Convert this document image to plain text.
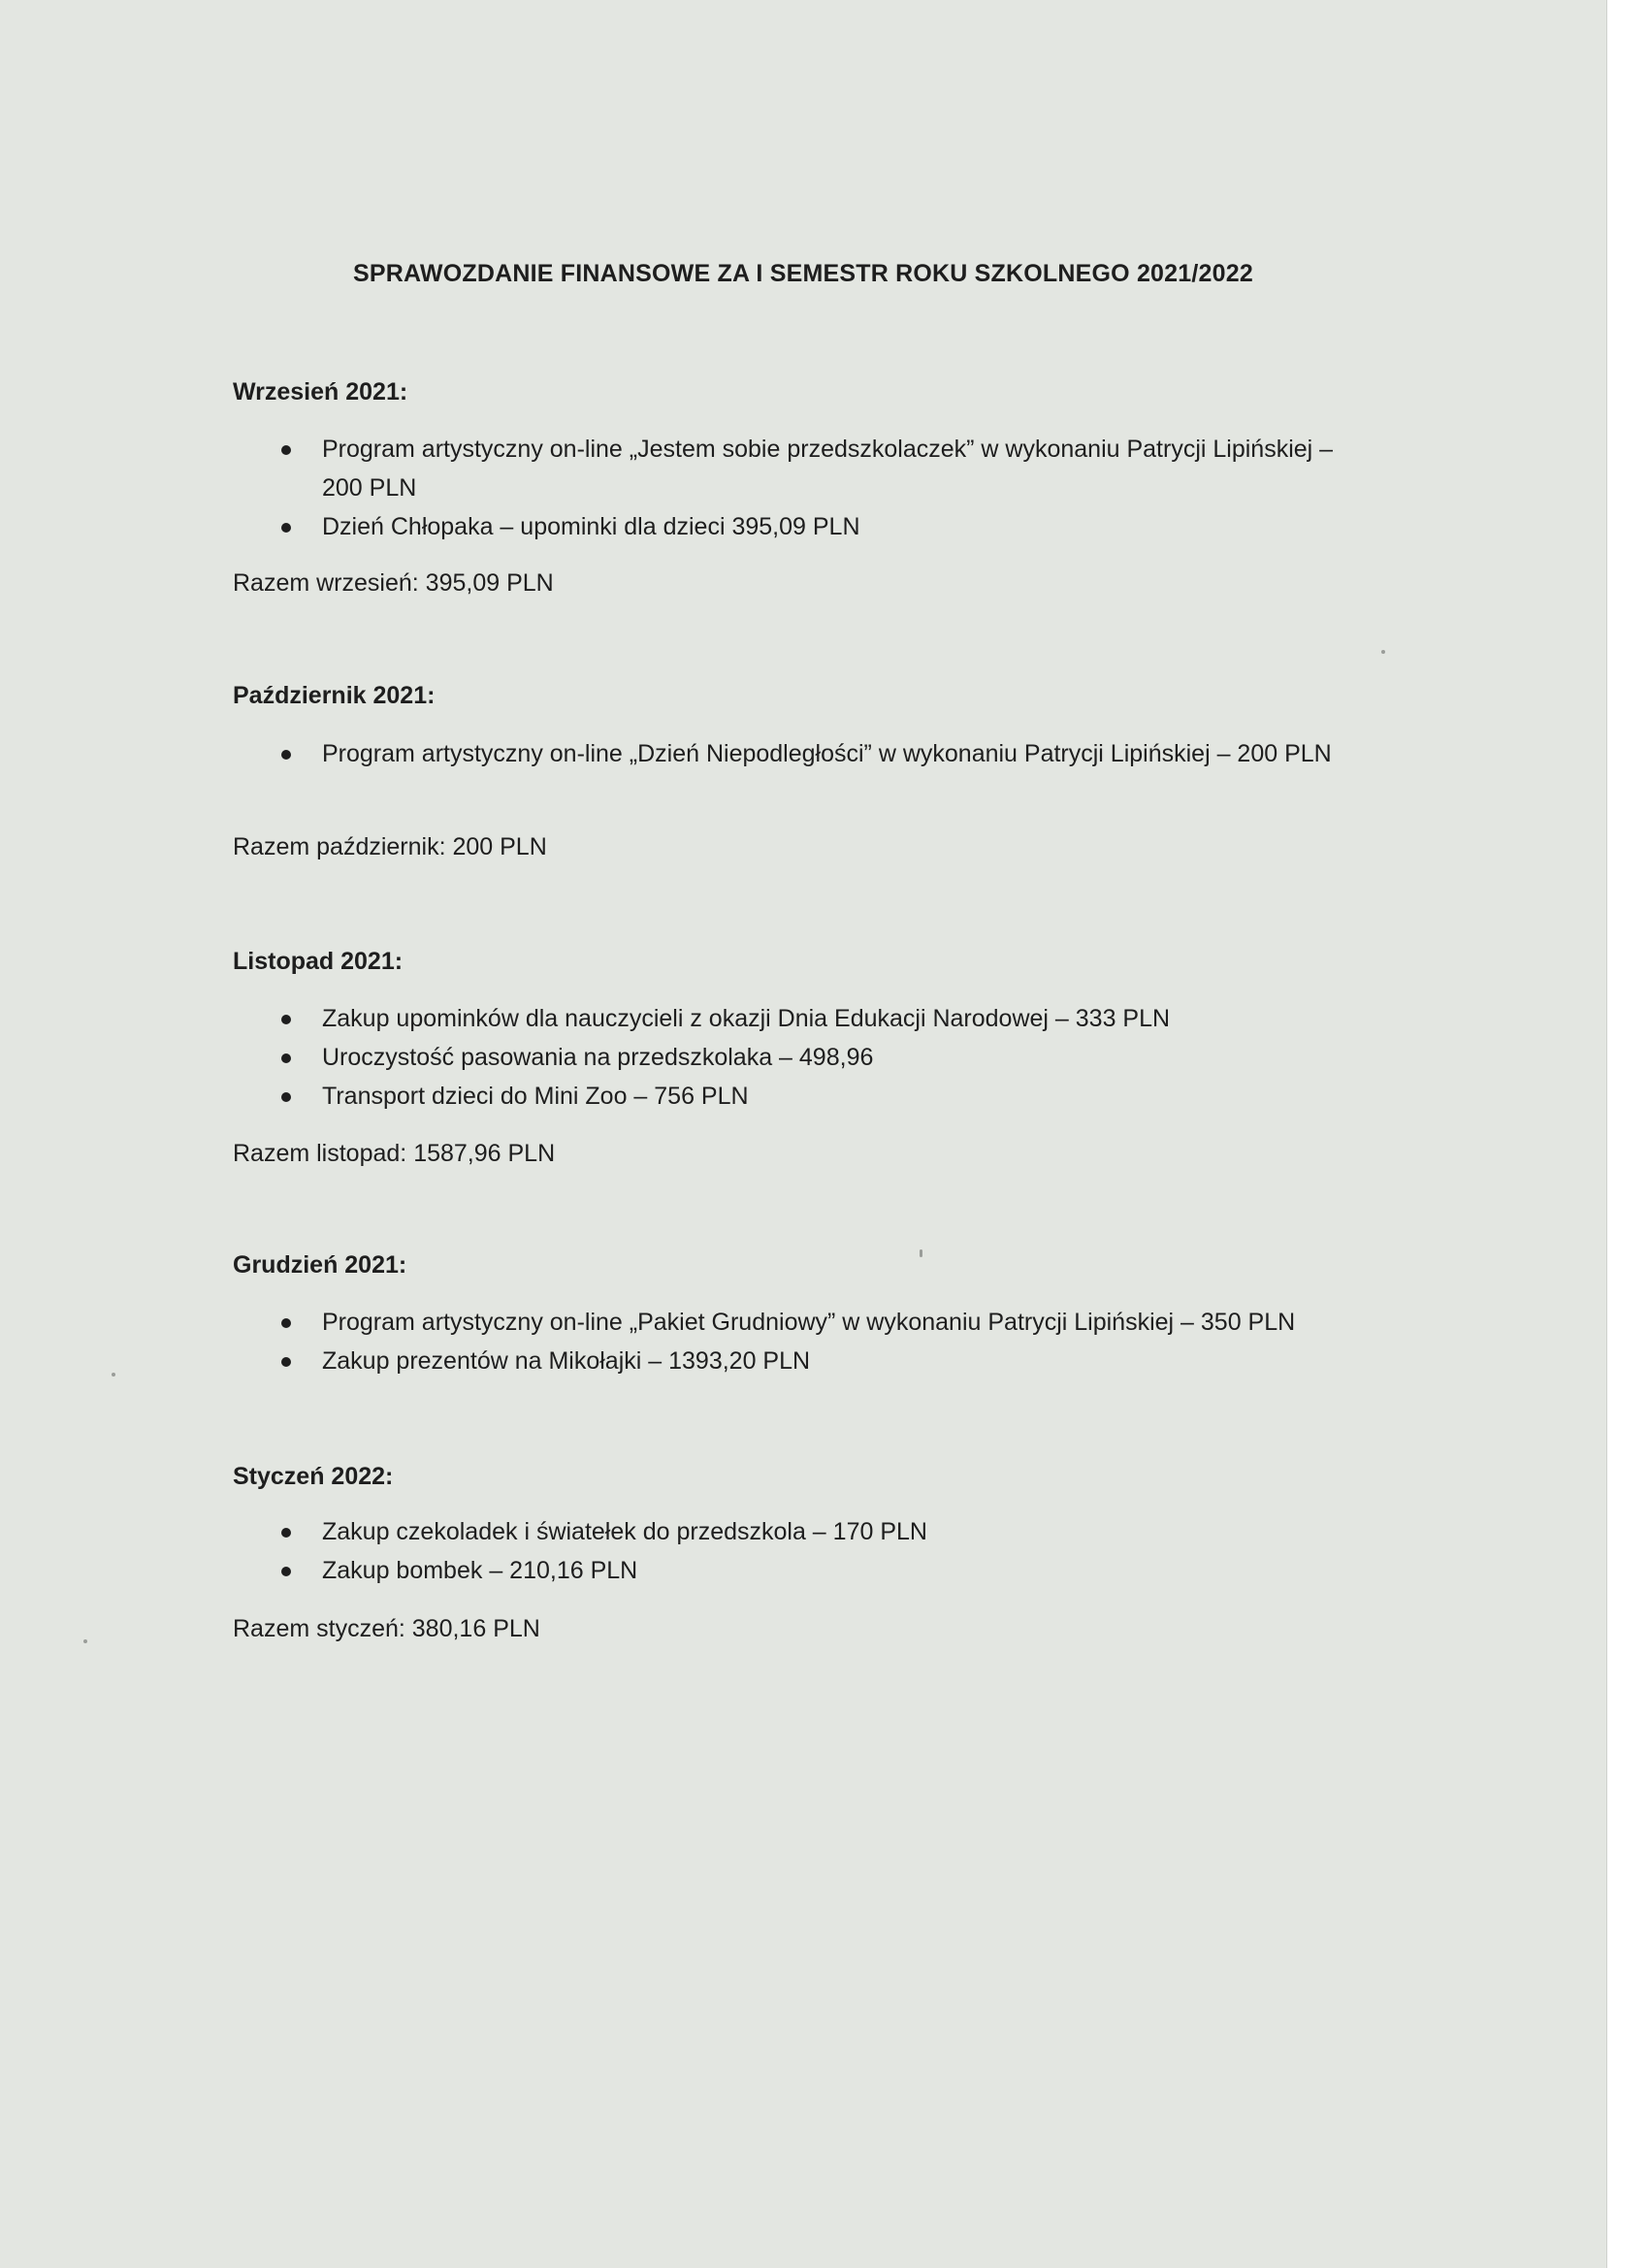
SPRAWOZDANIE FINANSOWE ZA I SEMESTR ROKU SZKOLNEGO 2021/2022
Wrzesień 2021:
Program artystyczny on-line „Jestem sobie przedszkolaczek” w wykonaniu Patrycji Lipińskiej – 200 PLN
Dzień Chłopaka – upominki dla dzieci 395,09 PLN

Razem wrzesień: 395,09 PLN

Październik 2021:
Program artystyczny on-line „Dzień Niepodległości” w wykonaniu Patrycji Lipińskiej – 200 PLN

Razem październik: 200 PLN

Listopad 2021:
Zakup upominków dla nauczycieli z okazji Dnia Edukacji Narodowej – 333 PLN
Uroczystość pasowania na przedszkolaka – 498,96
Transport dzieci do Mini Zoo – 756 PLN

Razem listopad: 1587,96 PLN

Grudzień 2021:
Program artystyczny on-line „Pakiet Grudniowy” w wykonaniu Patrycji Lipińskiej – 350 PLN
Zakup prezentów na Mikołajki – 1393,20 PLN
Styczeń 2022:
Zakup czekoladek i światełek do przedszkola – 170 PLN
Zakup bombek – 210,16 PLN

Razem styczeń: 380,16 PLN
